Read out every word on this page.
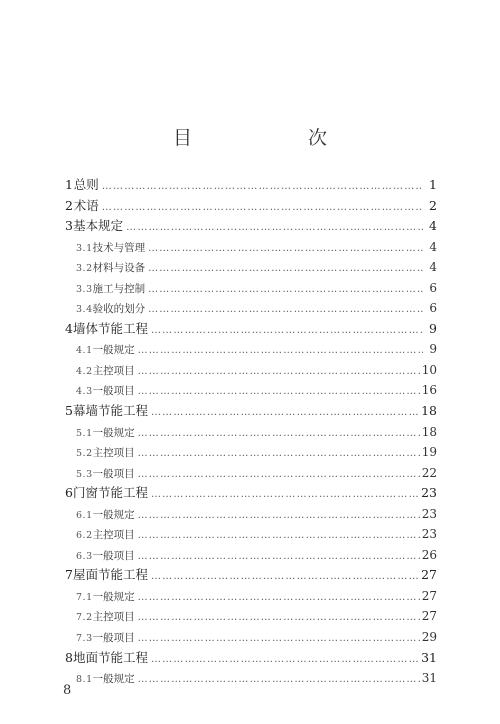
目　　次
1 总则 ……………………………………………………………………………………………………………………………………………………………………	1
2 术语 ……………………………………………………………………………………………………………………………………………………………………	2
3 基本规定 ……………………………………………………………………………………………………………………………………………………………………	4
3.1 技术与管理 ……………………………………………………………………………………………………………………………………………………………………	4
3.2 材料与设备 ……………………………………………………………………………………………………………………………………………………………………	4
3.3 施工与控制 ……………………………………………………………………………………………………………………………………………………………………	6
3.4 验收的划分 ……………………………………………………………………………………………………………………………………………………………………	6
4 墙体节能工程 ……………………………………………………………………………………………………………………………………………………………………	9
4.1 一般规定 ……………………………………………………………………………………………………………………………………………………………………	9
4.2 主控项目 ……………………………………………………………………………………………………………………………………………………………………	10
4.3 一般项目 ……………………………………………………………………………………………………………………………………………………………………	16
5 幕墙节能工程 ……………………………………………………………………………………………………………………………………………………………………	18
5.1 一般规定 ……………………………………………………………………………………………………………………………………………………………………	18
5.2 主控项目 ……………………………………………………………………………………………………………………………………………………………………	19
5.3 一般项目 ……………………………………………………………………………………………………………………………………………………………………	22
6 门窗节能工程 ……………………………………………………………………………………………………………………………………………………………………	23
6.1 一般规定 ……………………………………………………………………………………………………………………………………………………………………	23
6.2 主控项目 ……………………………………………………………………………………………………………………………………………………………………	23
6.3 一般项目 ……………………………………………………………………………………………………………………………………………………………………	26
7 屋面节能工程 ……………………………………………………………………………………………………………………………………………………………………	27
7.1 一般规定 ……………………………………………………………………………………………………………………………………………………………………	27
7.2 主控项目 ……………………………………………………………………………………………………………………………………………………………………	27
7.3 一般项目 ……………………………………………………………………………………………………………………………………………………………………	29
8 地面节能工程 ……………………………………………………………………………………………………………………………………………………………………	31
8.1 一般规定 ……………………………………………………………………………………………………………………………………………………………………	31
8
